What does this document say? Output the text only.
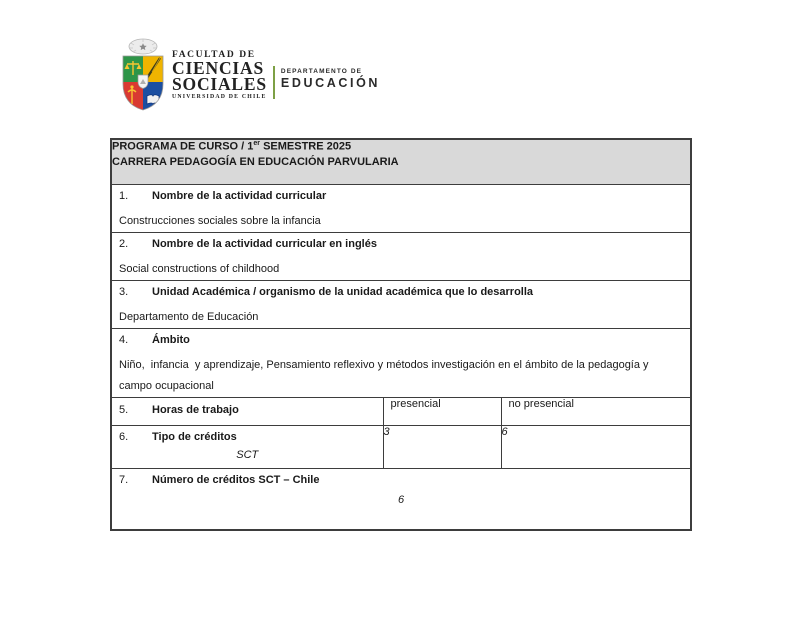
FACULTAD DE
CIENCIAS
SOCIALES
UNIVERSIDAD DE CHILE
DEPARTAMENTO DE
EDUCACIÓN
PROGRAMA DE CURSO / 1er SEMESTRE 2025
CARRERA PEDAGOGÍA EN EDUCACIÓN PARVULARIA		

1. Nombre de la actividad curricular
Construcciones sociales sobre la infancia		

2. Nombre de la actividad curricular en inglés
Social constructions of childhood		

3. Unidad Académica / organismo de la unidad académica que lo desarrolla
Departamento de Educación		

4. Ámbito
Niño,  infancia  y aprendizaje, Pensamiento reflexivo y métodos investigación en el ámbito de la pedagogía y campo ocupacional		

5. Horas de trabajo	presencial	no presencial

6. Tipo de créditos
SCT	3	6

7. Número de créditos SCT – Chile
6		
